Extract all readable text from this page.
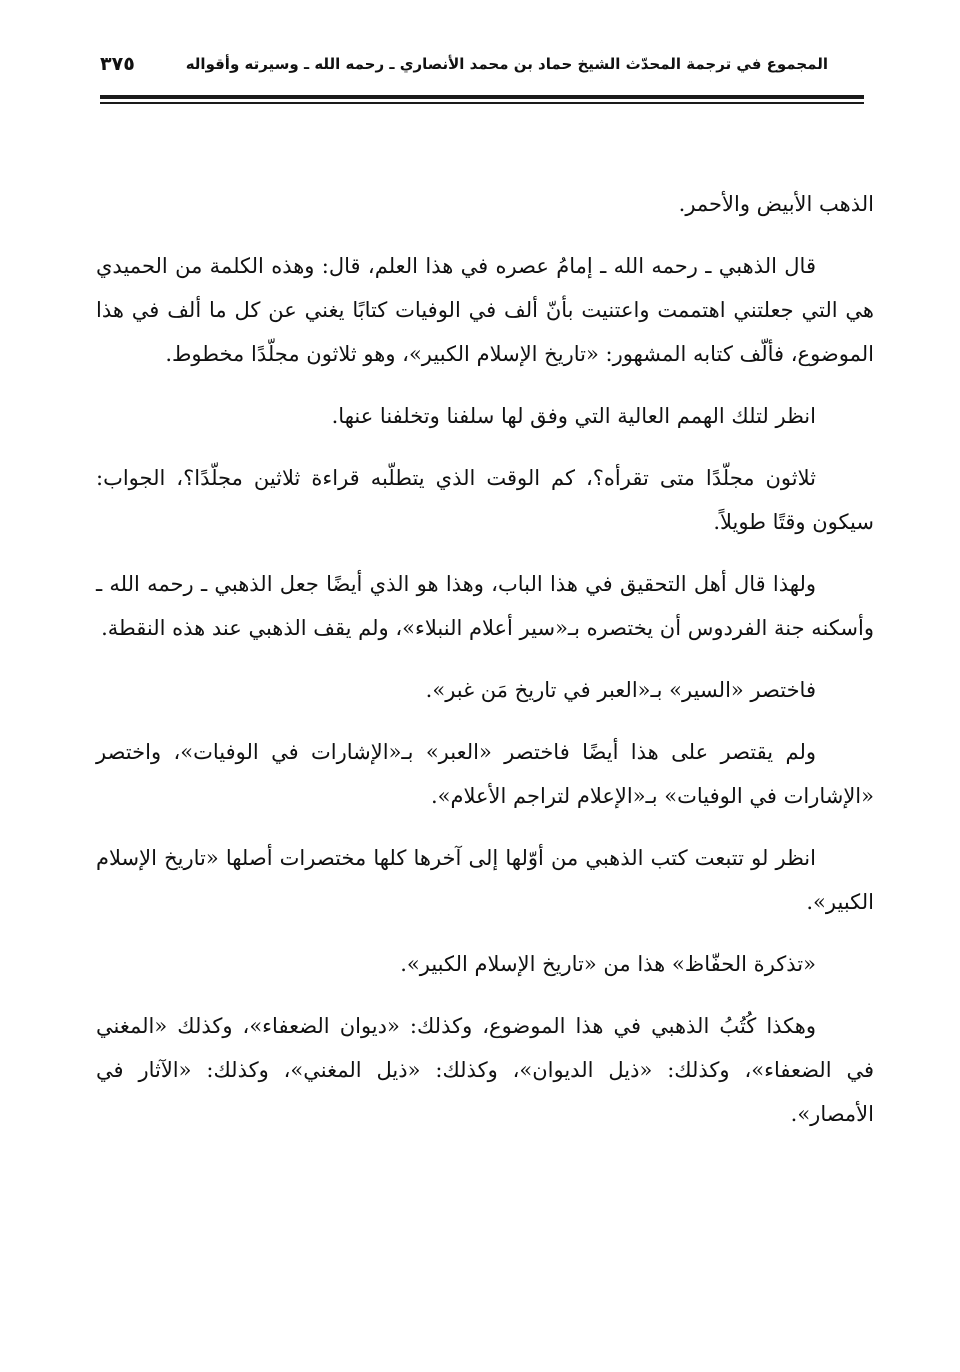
المجموع في ترجمة المحدّث الشيخ حماد بن محمد الأنصاري ـ رحمه الله ـ وسيرته وأقواله
٣٧٥

الذهب الأبيض والأحمر.

قال الذهبي ـ رحمه الله ـ إمامُ عصره في هذا العلم، قال: وهذه الكلمة من الحميدي هي التي جعلتني اهتممت واعتنيت بأنّ ألف في الوفيات كتابًا يغني عن كل ما ألف في هذا الموضوع، فألّف كتابه المشهور: «تاريخ الإسلام الكبير»، وهو ثلاثون مجلّدًا مخطوط.

انظر لتلك الهمم العالية التي وفق لها سلفنا وتخلفنا عنها.

ثلاثون مجلّدًا متى تقرأه؟، كم الوقت الذي يتطلّبه قراءة ثلاثين مجلّدًا؟، الجواب: سيكون وقتًا طويلاً.

ولهذا قال أهل التحقيق في هذا الباب، وهذا هو الذي أيضًا جعل الذهبي ـ رحمه الله ـ وأسكنه جنة الفردوس أن يختصره بـ«سير أعلام النبلاء»، ولم يقف الذهبي عند هذه النقطة.

فاختصر «السير» بـ«العبر في تاريخ مَن غبر».

ولم يقتصر على هذا أيضًا فاختصر «العبر» بـ«الإشارات في الوفيات»، واختصر «الإشارات في الوفيات» بـ«الإعلام لتراجم الأعلام».

انظر لو تتبعت كتب الذهبي من أوّلها إلى آخرها كلها مختصرات أصلها «تاريخ الإسلام الكبير».

«تذكرة الحفّاظ» هذا من «تاريخ الإسلام الكبير».

وهكذا كُتُبُ الذهبي في هذا الموضوع، وكذلك: «ديوان الضعفاء»، وكذلك «المغني في الضعفاء»، وكذلك: «ذيل الديوان»، وكذلك: «ذيل المغني»، وكذلك: «الآثار في الأمصار».
